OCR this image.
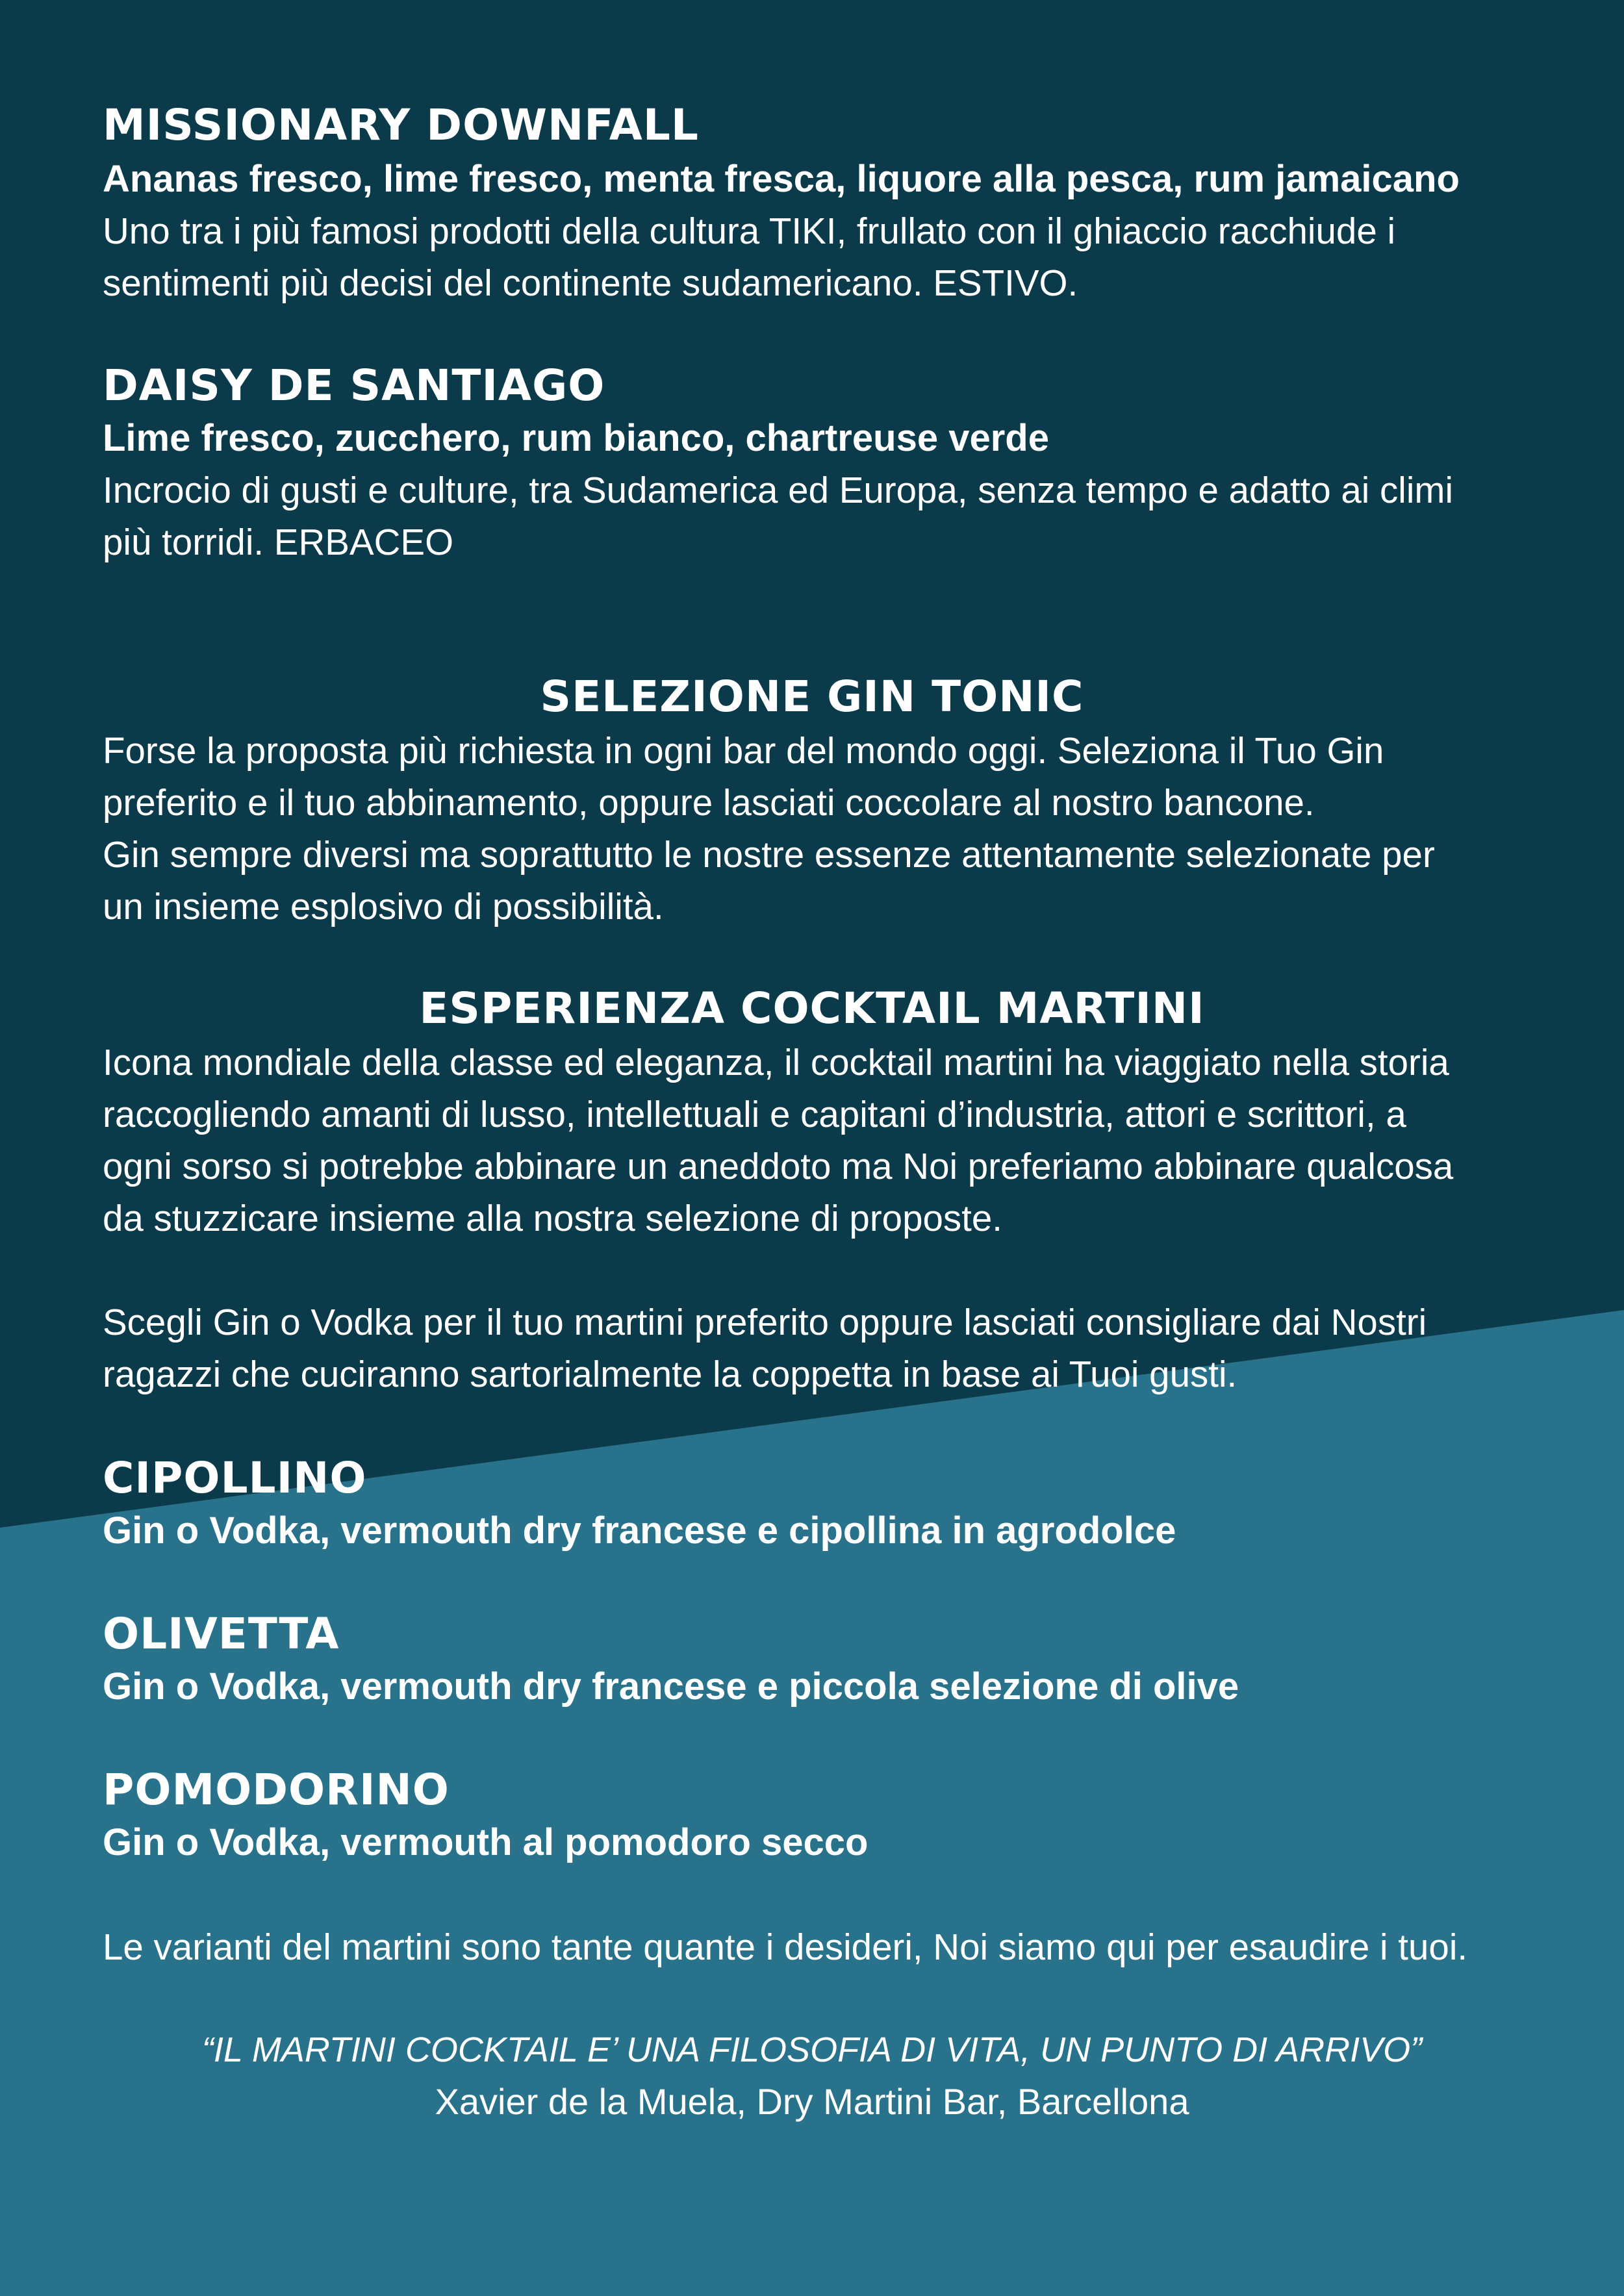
MISSIONARY DOWNFALL
Ananas fresco, lime fresco, menta fresca, liquore alla pesca, rum jamaicano
Uno tra i più famosi prodotti della cultura TIKI, frullato con il ghiaccio racchiude i
sentimenti più decisi del continente sudamericano. ESTIVO.
DAISY DE SANTIAGO
Lime fresco, zucchero, rum bianco, chartreuse verde
Incrocio di gusti e culture, tra Sudamerica ed Europa, senza tempo e adatto ai climi
più torridi. ERBACEO
SELEZIONE GIN TONIC
Forse la proposta più richiesta in ogni bar del mondo oggi. Seleziona il Tuo Gin
preferito e il tuo abbinamento, oppure lasciati coccolare al nostro bancone.
Gin sempre diversi ma soprattutto le nostre essenze attentamente selezionate per
un insieme esplosivo di possibilità.
ESPERIENZA COCKTAIL MARTINI
Icona mondiale della classe ed eleganza, il cocktail martini ha viaggiato nella storia
raccogliendo amanti di lusso, intellettuali e capitani d’industria, attori e scrittori, a
ogni sorso si potrebbe abbinare un aneddoto ma Noi preferiamo abbinare qualcosa
da stuzzicare insieme alla nostra selezione di proposte.
Scegli Gin o Vodka per il tuo martini preferito oppure lasciati consigliare dai Nostri
ragazzi che cuciranno sartorialmente la coppetta in base ai Tuoi gusti.
CIPOLLINO
Gin o Vodka, vermouth dry francese e cipollina in agrodolce
OLIVETTA
Gin o Vodka, vermouth dry francese e piccola selezione di olive
POMODORINO
Gin o Vodka, vermouth al pomodoro secco
Le varianti del martini sono tante quante i desideri, Noi siamo qui per esaudire i tuoi.
“IL MARTINI COCKTAIL E’ UNA FILOSOFIA DI VITA, UN PUNTO DI ARRIVO”
Xavier de la Muela, Dry Martini Bar, Barcellona
